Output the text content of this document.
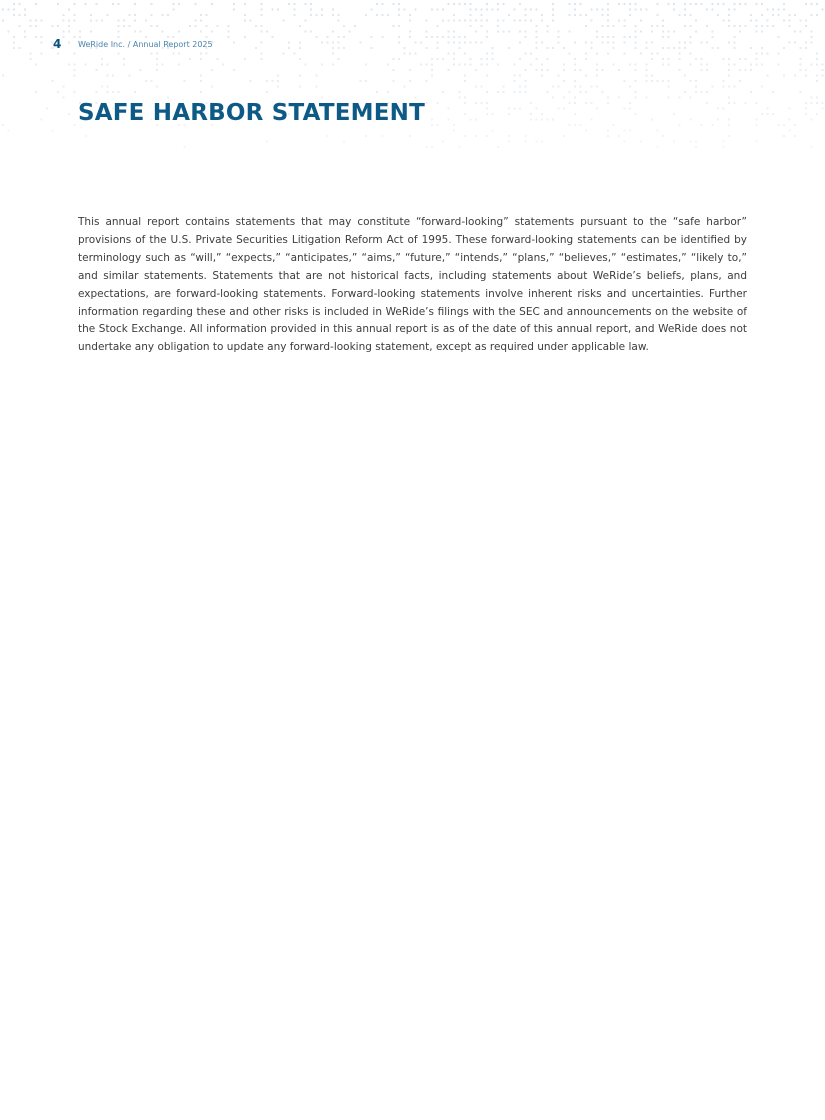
4	WeRide Inc. / Annual Report 2025
SAFE HARBOR STATEMENT

This annual report contains statements that may constitute “forward-looking” statements pursuant to the “safe harbor” provisions of the U.S. Private Securities Litigation Reform Act of 1995. These forward-looking statements can be identified by terminology such as “will,” “expects,” “anticipates,” “aims,” “future,” “intends,” “plans,” “believes,” “estimates,” “likely to,” and similar statements. Statements that are not historical facts, including statements about WeRide’s beliefs, plans, and expectations, are forward-looking statements. Forward-looking statements involve inherent risks and uncertainties. Further information regarding these and other risks is included in WeRide’s filings with the SEC and announcements on the website of the Stock Exchange. All information provided in this annual report is as of the date of this annual report, and WeRide does not undertake any obligation to update any forward-looking statement, except as required under applicable law.
